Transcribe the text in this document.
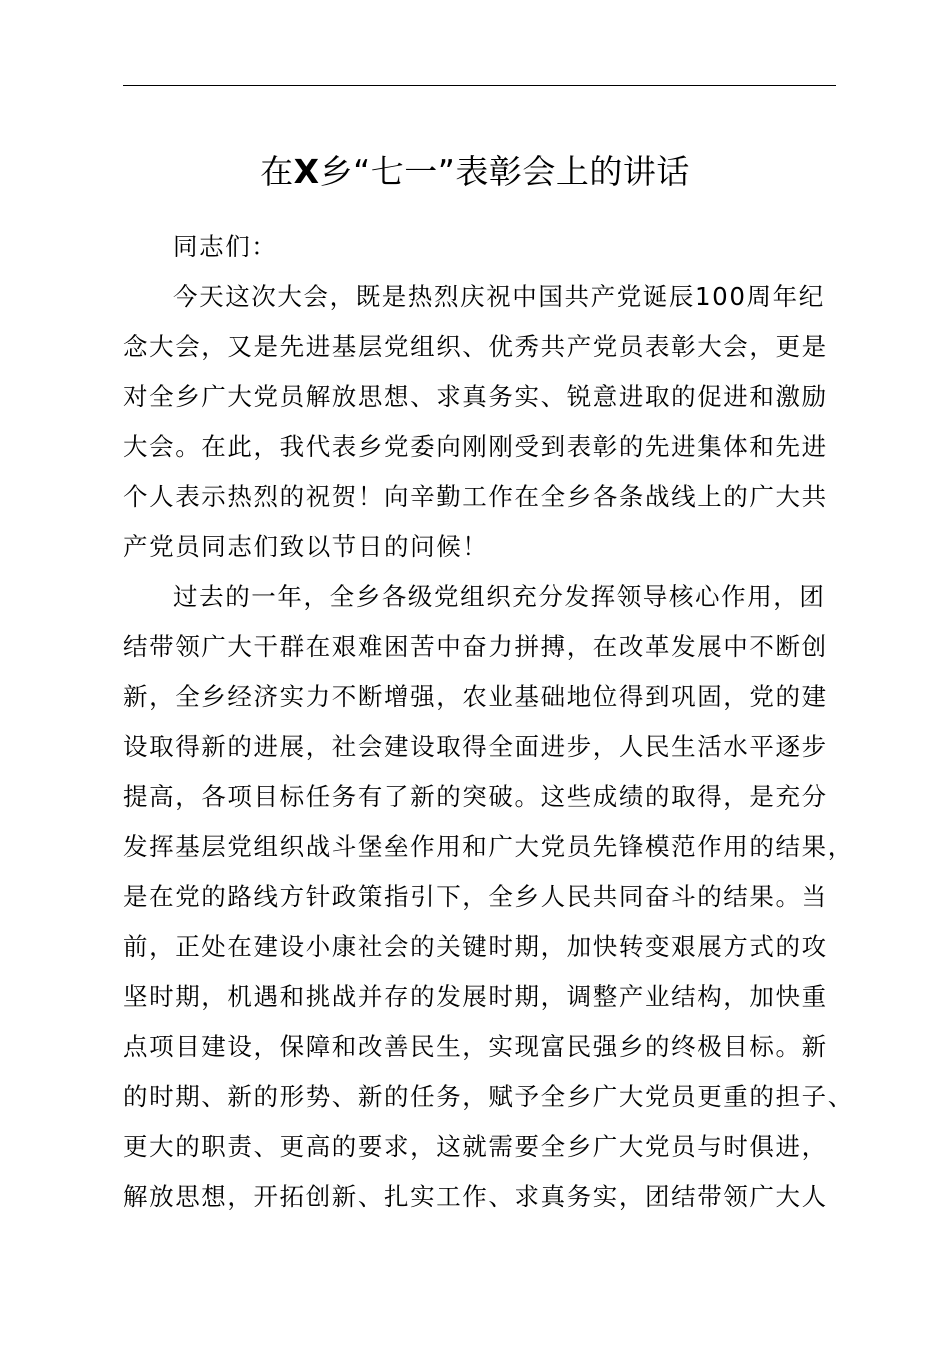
在X乡“七一”表彰会上的讲话
同志们：
今天这次大会，既是热烈庆祝中国共产党诞辰100周年纪
念大会，又是先进基层党组织、优秀共产党员表彰大会，更是
对全乡广大党员解放思想、求真务实、锐意进取的促进和激励
大会。在此，我代表乡党委向刚刚受到表彰的先进集体和先进
个人表示热烈的祝贺！向辛勤工作在全乡各条战线上的广大共
产党员同志们致以节日的问候！
过去的一年，全乡各级党组织充分发挥领导核心作用，团
结带领广大干群在艰难困苦中奋力拼搏，在改革发展中不断创
新，全乡经济实力不断增强，农业基础地位得到巩固，党的建
设取得新的进展，社会建设取得全面进步，人民生活水平逐步
提高，各项目标任务有了新的突破。这些成绩的取得，是充分
发挥基层党组织战斗堡垒作用和广大党员先锋模范作用的结果，
是在党的路线方针政策指引下，全乡人民共同奋斗的结果。当
前，正处在建设小康社会的关键时期，加快转变艰展方式的攻
坚时期，机遇和挑战并存的发展时期，调整产业结构，加快重
点项目建设，保障和改善民生，实现富民强乡的终极目标。新
的时期、新的形势、新的任务，赋予全乡广大党员更重的担子、
更大的职责、更高的要求，这就需要全乡广大党员与时俱进，
解放思想，开拓创新、扎实工作、求真务实，团结带领广大人
